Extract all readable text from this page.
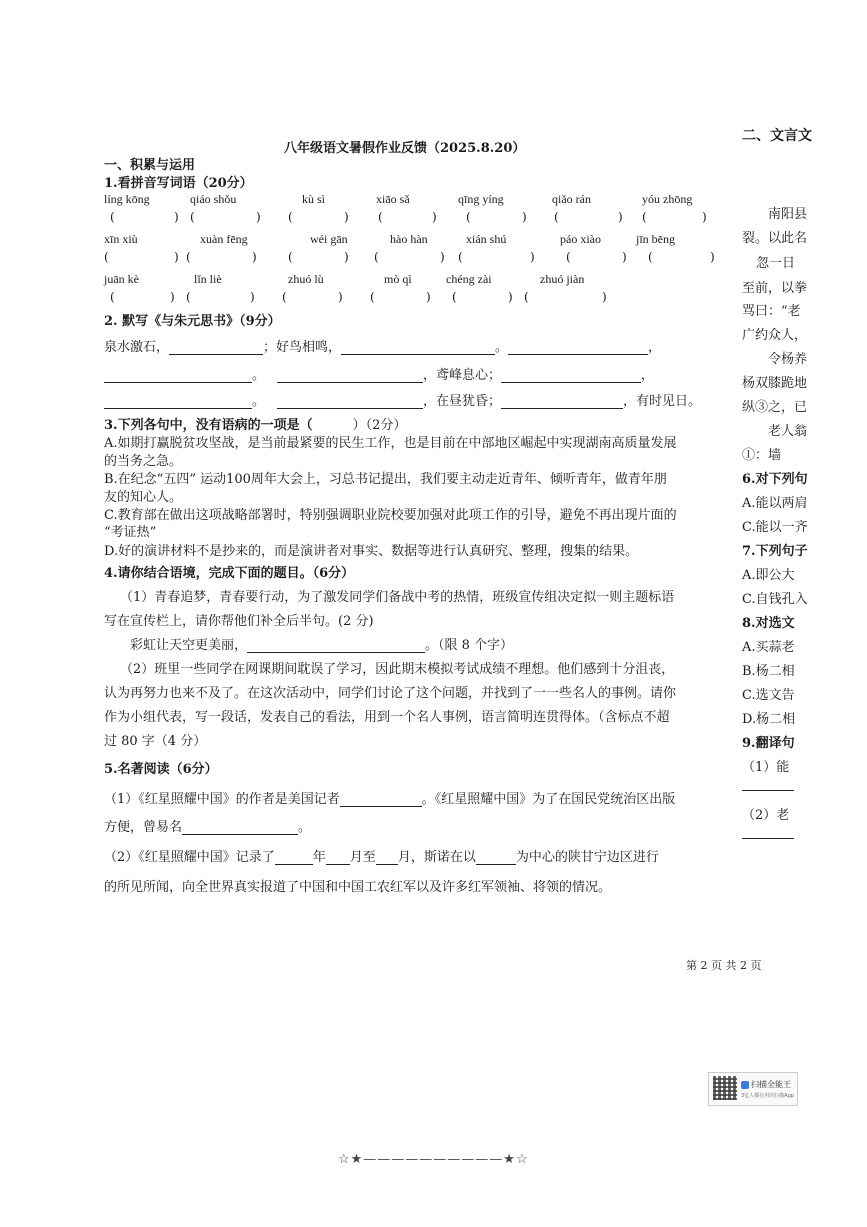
八年级语文暑假作业反馈（2025.8.20）
一、积累与运用
1.看拼音写词语（20分）
líng kōng	qiáo shǒu	kù sì	xiāo sǎ	qīng yíng	qiǎo rán	yóu zhōng
(	) (	) (	) (	) (	) (	) (	)
xīn xiù	xuàn fēng	wéi gān	hào hàn	xián shú	páo xiào	jīn bēng
(	) (	)	(	) (	) (	)	(	) (	)
juān kè	lǐn liè	zhuó lù	mò qì	chéng zài	zhuó jiàn
(	) (	) (	) (	) (	) (	)
2. 默写《与朱元思书》（9分）
泉水激石，	；好鸟相鸣，	。	，
。	，鸢峰息心；	，
。	，在昼犹昏；	，有时见日。
3.下列各句中，没有语病的一项是（	）（2分）
A.如期打赢脱贫攻坚战，是当前最紧要的民生工作，也是目前在中部地区崛起中实现湖南高质量发展
的当务之急。
B.在纪念“五四” 运动100周年大会上，习总书记提出，我们要主动走近青年、倾听青年，做青年朋
友的知心人。
C.教育部在做出这项战略部署时，特别强调职业院校要加强对此项工作的引导，避免不再出现片面的
“考证热”
D.好的演讲材料不是抄来的，而是演讲者对事实、数据等进行认真研究、整理，搜集的结果。
4.请你结合语境，完成下面的题目。（6分）
（1）青春追梦，青春要行动，为了激发同学们备战中考的热情，班级宣传组决定拟一则主题标语
写在宣传栏上，请你帮他们补全后半句。(2 分)
彩虹让天空更美丽，	。（限 8 个字）
（2）班里一些同学在网课期间耽误了学习，因此期末模拟考试成绩不理想。他们感到十分沮丧，
认为再努力也来不及了。在这次活动中，同学们讨论了这个问题，并找到了一一些名人的事例。请你
作为小组代表，写一段话，发表自己的看法，用到一个名人事例，语言简明连贯得体。（含标点不超
过 80 字（4 分）
5.名著阅读（6分）
（1）《红星照耀中国》的作者是美国记者	。《红星照耀中国》为了在国民党统治区出版
方便，曾易名	。
（2）《红星照耀中国》记录了	年 月至 月，斯诺在以	为中心的陕甘宁边区进行
的所见所闻，向全世界真实报道了中国和中国工农红军以及许多红军领袖、将领的情况。
第 2 页 共 2 页
二、文言文
南阳县
裂。以此名
至前，以拳
忽一日
骂曰：“老
广约众人，
令杨养
杨双膝跪地
纵③之，已
老人翁
①：墙
6.对下列句
A.能以两肩
C.能以一齐
7.下列句子
A.即公大
C.自钱孔入
8.对选文
A.买蒜老
B.杨二相
C.选文告
D.杨二相
9.翻译句
（1）能
（2）老
扫描全能王
3亿人都在用的扫描App
☆★——————————★☆
